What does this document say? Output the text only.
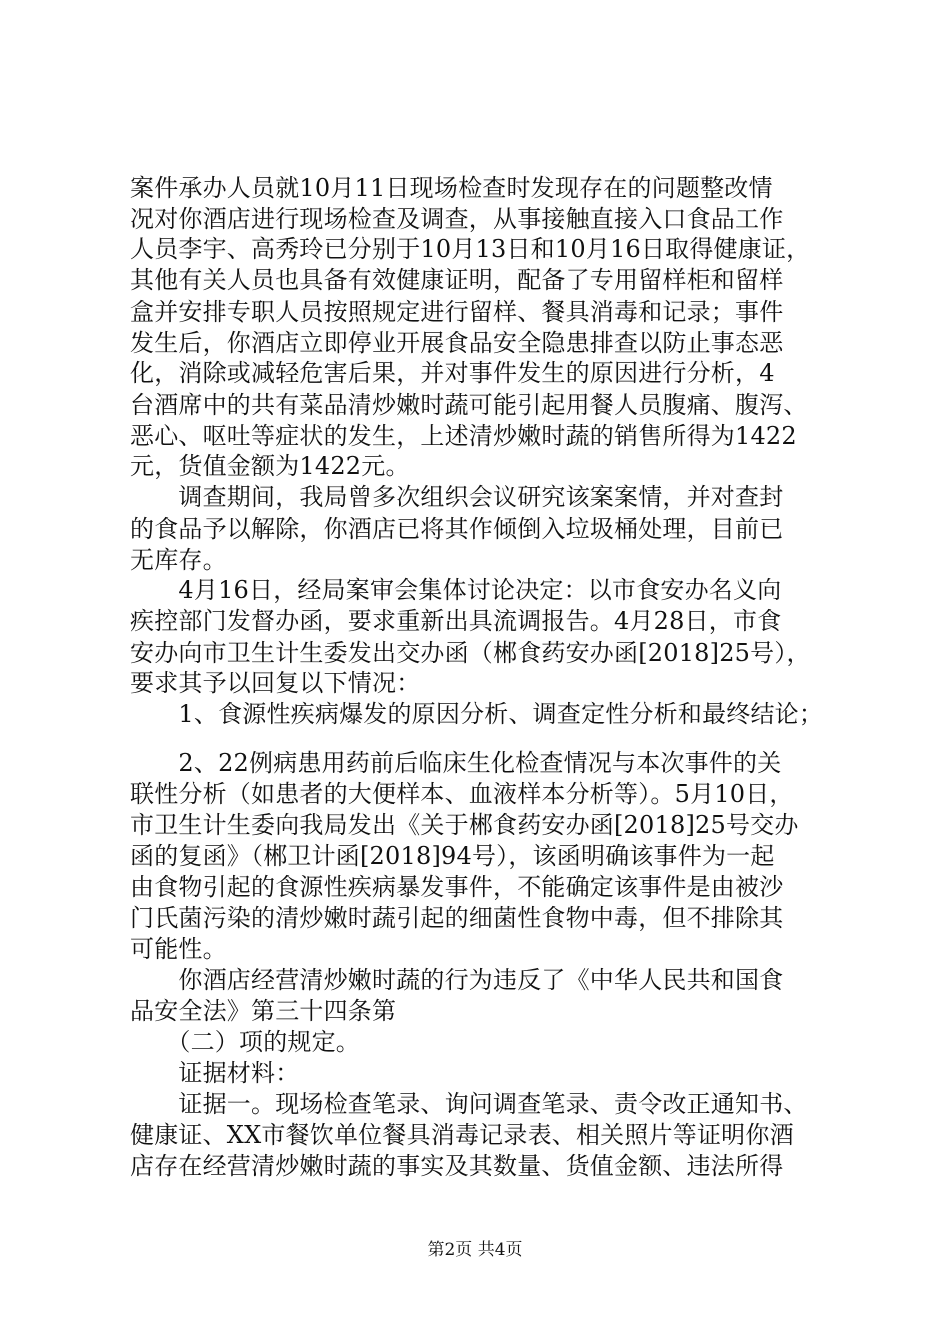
案件承办人员就10月11日现场检查时发现存在的问题整改情
况对你酒店进行现场检查及调查，从事接触直接入口食品工作
人员李宇、高秀玲已分别于10月13日和10月16日取得健康证，
其他有关人员也具备有效健康证明，配备了专用留样柜和留样
盒并安排专职人员按照规定进行留样、餐具消毒和记录；事件
发生后，你酒店立即停业开展食品安全隐患排查以防止事态恶
化，消除或减轻危害后果，并对事件发生的原因进行分析，4
台酒席中的共有菜品清炒嫩时蔬可能引起用餐人员腹痛、腹泻、
恶心、呕吐等症状的发生，上述清炒嫩时蔬的销售所得为1422
元，货值金额为1422元。
　　调查期间，我局曾多次组织会议研究该案案情，并对查封
的食品予以解除，你酒店已将其作倾倒入垃圾桶处理，目前已
无库存。
　　4月16日，经局案审会集体讨论决定：以市食安办名义向
疾控部门发督办函，要求重新出具流调报告。4月28日，市食
安办向市卫生计生委发出交办函（郴食药安办函[2018]25号），
要求其予以回复以下情况：
　　1、食源性疾病爆发的原因分析、调查定性分析和最终结论；
　　2、22例病患用药前后临床生化检查情况与本次事件的关
联性分析（如患者的大便样本、血液样本分析等）。5月10日，
市卫生计生委向我局发出《关于郴食药安办函[2018]25号交办
函的复函》（郴卫计函[2018]94号），该函明确该事件为一起
由食物引起的食源性疾病暴发事件，不能确定该事件是由被沙
门氏菌污染的清炒嫩时蔬引起的细菌性食物中毒，但不排除其
可能性。
　　你酒店经营清炒嫩时蔬的行为违反了《中华人民共和国食
品安全法》第三十四条第
　　（二）项的规定。
　　证据材料：
　　证据一。现场检查笔录、询问调查笔录、责令改正通知书、
健康证、XX市餐饮单位餐具消毒记录表、相关照片等证明你酒
店存在经营清炒嫩时蔬的事实及其数量、货值金额、违法所得
第2页 共4页
